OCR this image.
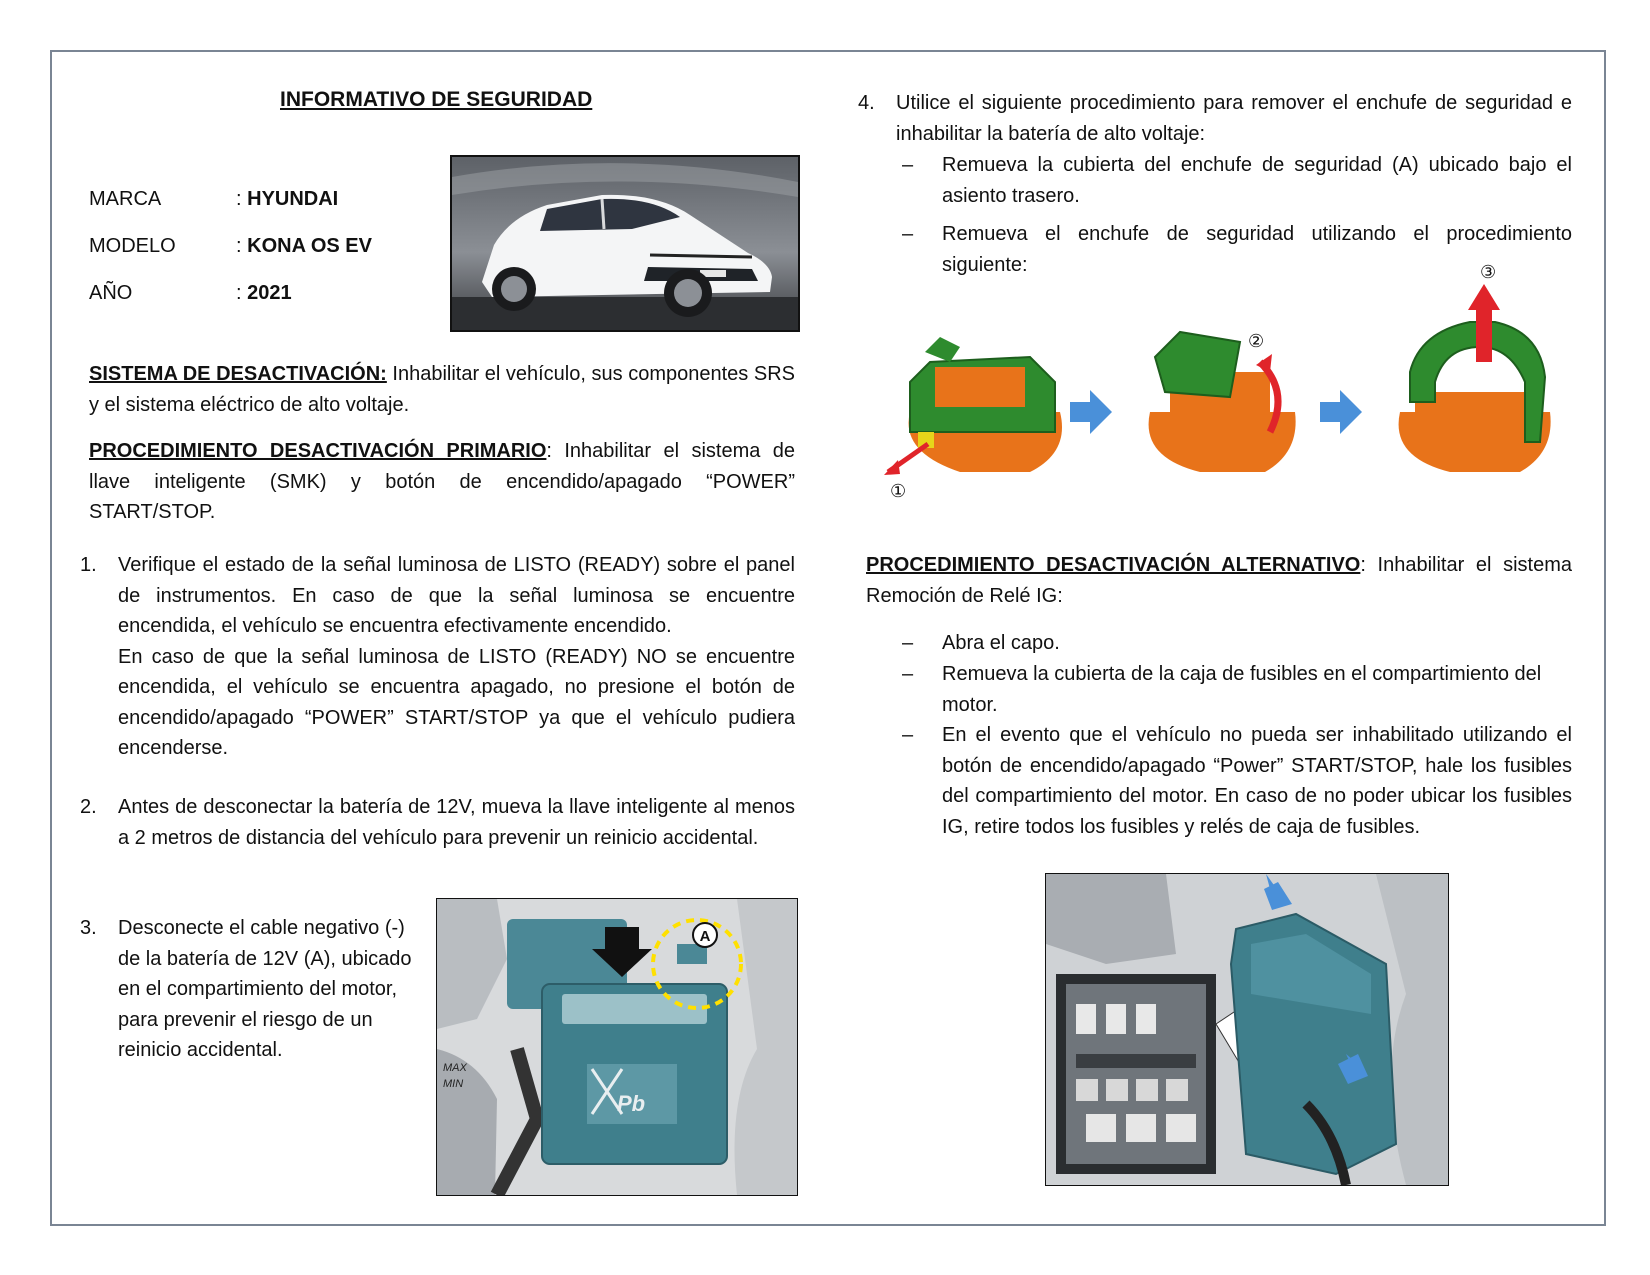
INFORMATIVO DE SEGURIDAD
MARCA	: HYUNDAI
MODELO	: KONA OS EV
AÑO	: 2021
SISTEMA DE DESACTIVACIÓN: Inhabilitar el vehículo, sus componentes SRS y el sistema eléctrico de alto voltaje.
PROCEDIMIENTO DESACTIVACIÓN PRIMARIO: Inhabilitar el sistema de llave inteligente (SMK) y botón de encendido/apagado “POWER” START/STOP.
1.	Verifique el estado de la señal luminosa de LISTO (READY) sobre el panel de instrumentos. En caso de que la señal luminosa se encuentre encendida, el vehículo se encuentra efectivamente encendido.
En caso de que la señal luminosa de LISTO (READY) NO se encuentre encendida, el vehículo se encuentra apagado, no presione el botón de encendido/apagado “POWER” START/STOP ya que el vehículo pudiera encenderse.
2.	Antes de desconectar la batería de 12V, mueva la llave inteligente al menos a 2 metros de distancia del vehículo para prevenir un reinicio accidental.
3.	Desconecte el cable negativo (-) de la batería de 12V (A), ubicado en el compartimiento del motor, para prevenir el riesgo de un reinicio accidental.
A
Pb
MAX
MIN
4.	Utilice el siguiente procedimiento para remover el enchufe de seguridad e inhabilitar la batería de alto voltaje:
– Remueva la cubierta del enchufe de seguridad (A) ubicado bajo el asiento trasero.
– Remueva el enchufe de seguridad utilizando el procedimiento siguiente:
①
②
③
PROCEDIMIENTO DESACTIVACIÓN ALTERNATIVO: Inhabilitar el sistema Remoción de Relé IG:
– Abra el capo.
– Remueva la cubierta de la caja de fusibles en el compartimiento del motor.
– En el evento que el vehículo no pueda ser inhabilitado utilizando el botón de encendido/apagado “Power” START/STOP, hale los fusibles del compartimiento del motor. En caso de no poder ubicar los fusibles IG, retire todos los fusibles y relés de caja de fusibles.
